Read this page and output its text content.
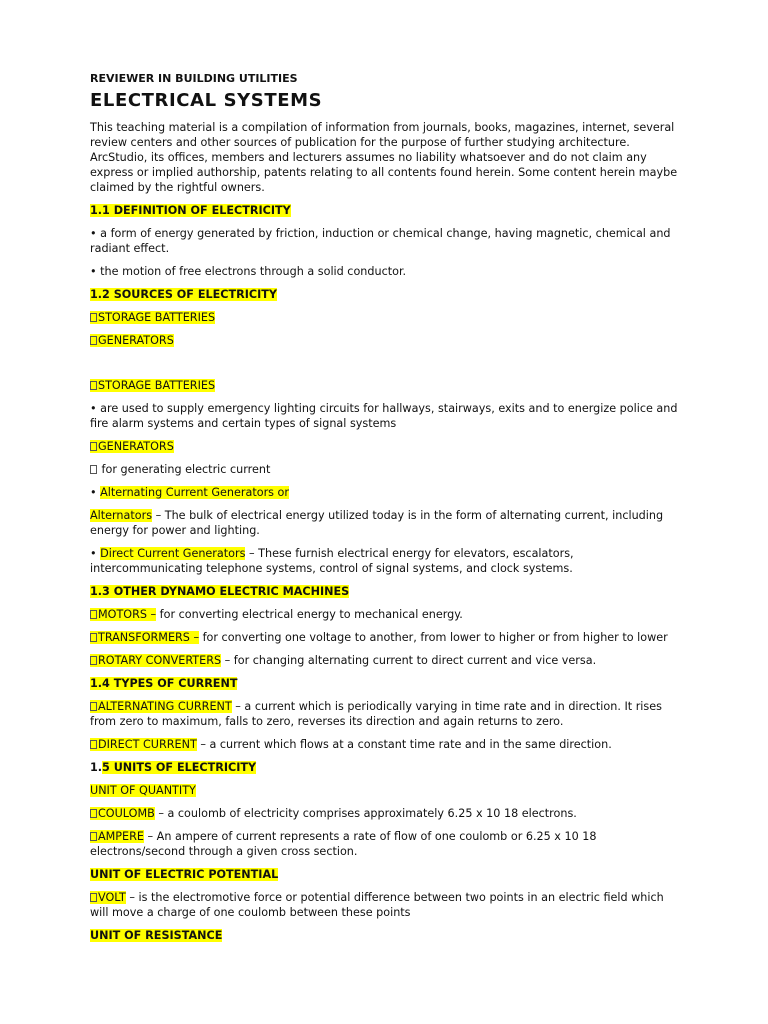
REVIEWER IN BUILDING UTILITIES

ELECTRICAL SYSTEMS

This teaching material is a compilation of information from journals, books, magazines, internet, several review centers and other sources of publication for the purpose of further studying architecture. ArcStudio, its offices, members and lecturers assumes no liability whatsoever and do not claim any express or implied authorship, patents relating to all contents found herein. Some content herein maybe claimed by the rightful owners.

1.1 DEFINITION OF ELECTRICITY

• a form of energy generated by friction, induction or chemical change, having magnetic, chemical and radiant effect.

• the motion of free electrons through a solid conductor.

1.2 SOURCES OF ELECTRICITY

STORAGE BATTERIES

GENERATORS

STORAGE BATTERIES

• are used to supply emergency lighting circuits for hallways, stairways, exits and to energize police and fire alarm systems and certain types of signal systems

GENERATORS

for generating electric current

• Alternating Current Generators or

Alternators – The bulk of electrical energy utilized today is in the form of alternating current, including energy for power and lighting.

• Direct Current Generators – These furnish electrical energy for elevators, escalators, intercommunicating telephone systems, control of signal systems, and clock systems.

1.3 OTHER DYNAMO ELECTRIC MACHINES

MOTORS – for converting electrical energy to mechanical energy.

TRANSFORMERS – for converting one voltage to another, from lower to higher or from higher to lower

ROTARY CONVERTERS – for changing alternating current to direct current and vice versa.

1.4 TYPES OF CURRENT

ALTERNATING CURRENT – a current which is periodically varying in time rate and in direction. It rises from zero to maximum, falls to zero, reverses its direction and again returns to zero.

DIRECT CURRENT – a current which flows at a constant time rate and in the same direction.

1.5 UNITS OF ELECTRICITY

UNIT OF QUANTITY

COULOMB – a coulomb of electricity comprises approximately 6.25 x 10 18 electrons.

AMPERE – An ampere of current represents a rate of flow of one coulomb or 6.25 x 10 18 electrons/second through a given cross section.

UNIT OF ELECTRIC POTENTIAL

VOLT – is the electromotive force or potential difference between two points in an electric field which will move a charge of one coulomb between these points

UNIT OF RESISTANCE
